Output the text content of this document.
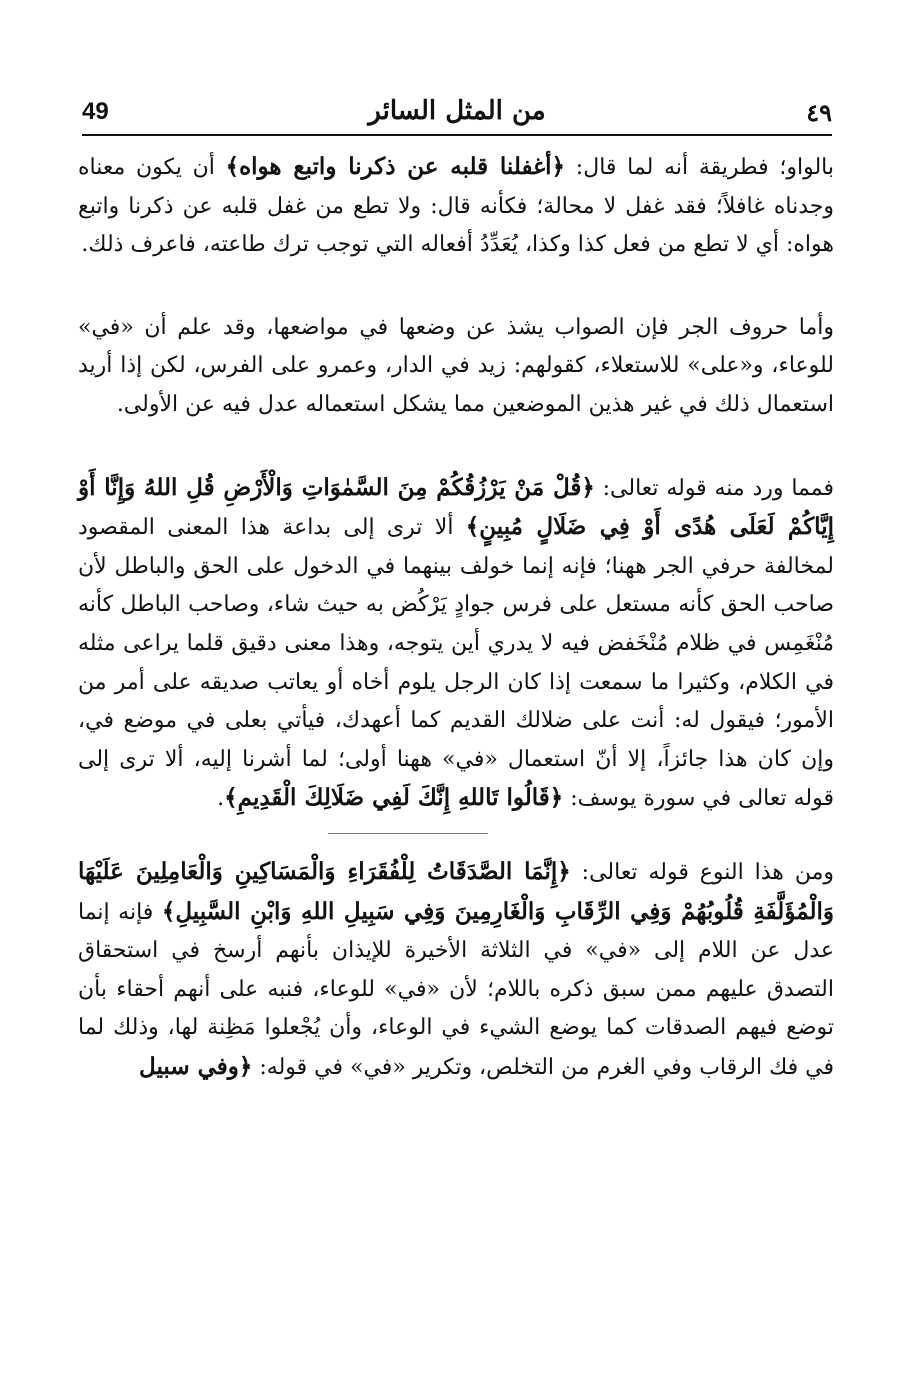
٤٩
من المثل السائر
49

بالواو؛ فطريقة أنه لما قال: ﴿أغفلنا قلبه عن ذكرنا واتبع هواه﴾ أن يكون معناه وجدناه غافلاً؛ فقد غفل لا محالة؛ فكأنه قال: ولا تطع من غفل قلبه عن ذكرنا واتبع هواه: أي لا تطع من فعل كذا وكذا، يُعَدِّدُ أفعاله التي توجب ترك طاعته، فاعرف ذلك.

وأما حروف الجر فإن الصواب يشذ عن وضعها في مواضعها، وقد علم أن «في» للوعاء، و«على» للاستعلاء، كقولهم: زيد في الدار، وعمرو على الفرس، لكن إذا أريد استعمال ذلك في غير هذين الموضعين مما يشكل استعماله عدل فيه عن الأولى.

فمما ورد منه قوله تعالى: ﴿قُلْ مَنْ يَرْزُقُكُمْ مِنَ السَّمٰوَاتِ وَالْأَرْضِ قُلِ اللهُ وَإِنَّا أَوْ إِيَّاكُمْ لَعَلَى هُدًى أَوْ فِي ضَلَالٍ مُبِينٍ﴾ ألا ترى إلى بداعة هذا المعنى المقصود لمخالفة حرفي الجر ههنا؛ فإنه إنما خولف بينهما في الدخول على الحق والباطل لأن صاحب الحق كأنه مستعل على فرس جوادٍ يَرْكُض به حيث شاء، وصاحب الباطل كأنه مُنْغَمِس في ظلام مُنْخَفض فيه لا يدري أين يتوجه، وهذا معنى دقيق قلما يراعى مثله في الكلام، وكثيرا ما سمعت إذا كان الرجل يلوم أخاه أو يعاتب صديقه على أمر من الأمور؛ فيقول له: أنت على ضلالك القديم كما أعهدك، فيأتي بعلى في موضع في، وإن كان هذا جائزاً، إلا أنّ استعمال «في» ههنا أولى؛ لما أشرنا إليه، ألا ترى إلى قوله تعالى في سورة يوسف: ﴿قَالُوا تَاللهِ إِنَّكَ لَفِي ضَلَالِكَ الْقَدِيمِ﴾.

ومن هذا النوع قوله تعالى: ﴿إِنَّمَا الصَّدَقَاتُ لِلْفُقَرَاءِ وَالْمَسَاكِينِ وَالْعَامِلِينَ عَلَيْهَا وَالْمُؤَلَّفَةِ قُلُوبُهُمْ وَفِي الرِّقَابِ وَالْغَارِمِينَ وَفِي سَبِيلِ اللهِ وَابْنِ السَّبِيلِ﴾ فإنه إنما عدل عن اللام إلى «في» في الثلاثة الأخيرة للإيذان بأنهم أرسخ في استحقاق التصدق عليهم ممن سبق ذكره باللام؛ لأن «في» للوعاء، فنبه على أنهم أحقاء بأن توضع فيهم الصدقات كما يوضع الشيء في الوعاء، وأن يُجْعلوا مَظِنة لها، وذلك لما في فك الرقاب وفي الغرم من التخلص، وتكرير «في» في قوله: ﴿وفي سبيل
